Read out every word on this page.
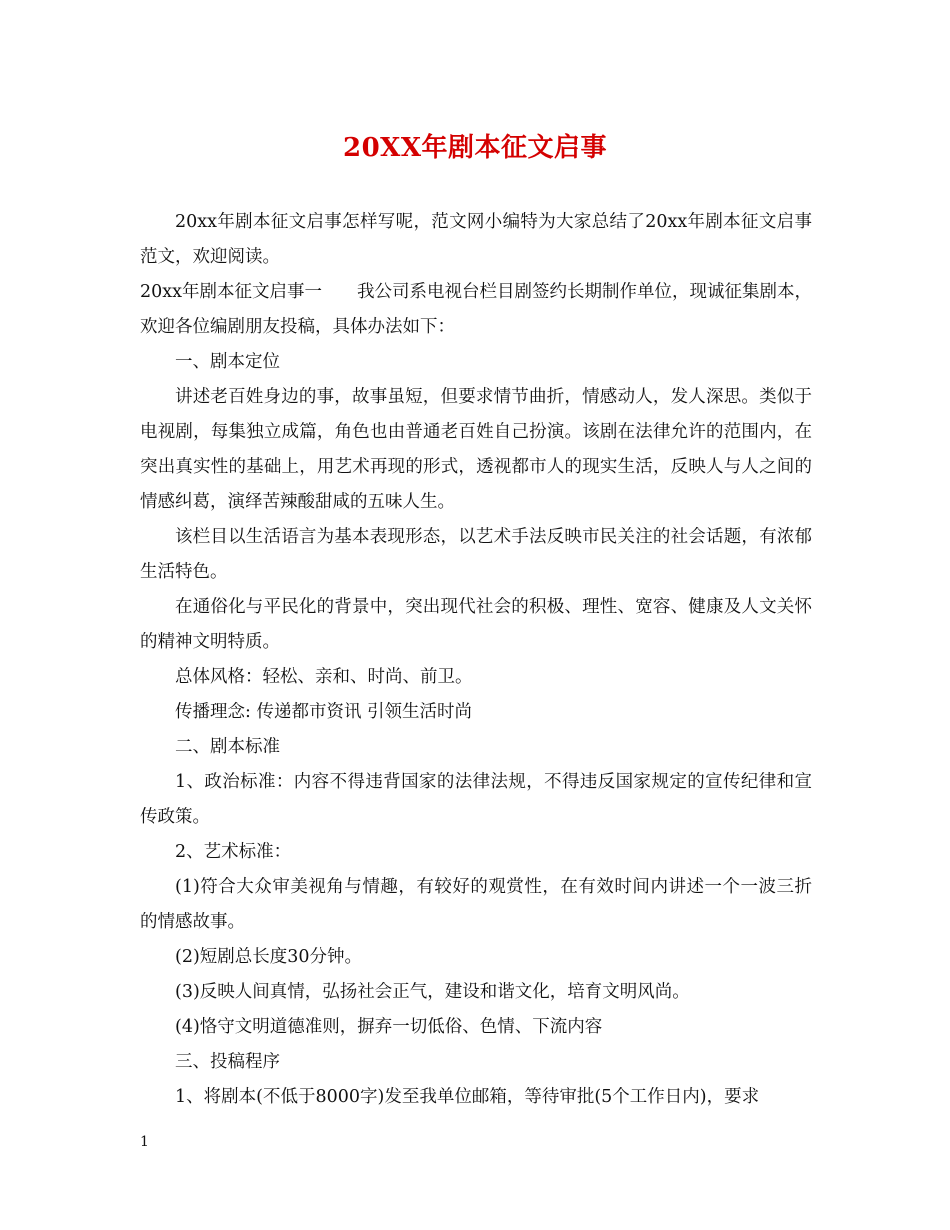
20XX年剧本征文启事

20xx年剧本征文启事怎样写呢，范文网小编特为大家总结了20xx年剧本征文启事范文，欢迎阅读。

20xx年剧本征文启事一　　我公司系电视台栏目剧签约长期制作单位，现诚征集剧本，欢迎各位编剧朋友投稿，具体办法如下：

一、剧本定位

讲述老百姓身边的事，故事虽短，但要求情节曲折，情感动人，发人深思。类似于电视剧，每集独立成篇，角色也由普通老百姓自己扮演。该剧在法律允许的范围内，在突出真实性的基础上，用艺术再现的形式，透视都市人的现实生活，反映人与人之间的情感纠葛，演绎苦辣酸甜咸的五味人生。

该栏目以生活语言为基本表现形态，以艺术手法反映市民关注的社会话题，有浓郁生活特色。

在通俗化与平民化的背景中，突出现代社会的积极、理性、宽容、健康及人文关怀的精神文明特质。

总体风格：轻松、亲和、时尚、前卫。

传播理念: 传递都市资讯 引领生活时尚

二、剧本标准

1、政治标准：内容不得违背国家的法律法规，不得违反国家规定的宣传纪律和宣传政策。

2、艺术标准：

(1)符合大众审美视角与情趣，有较好的观赏性，在有效时间内讲述一个一波三折的情感故事。

(2)短剧总长度30分钟。

(3)反映人间真情，弘扬社会正气，建设和谐文化，培育文明风尚。

(4)恪守文明道德准则，摒弃一切低俗、色情、下流内容

三、投稿程序

1、将剧本(不低于8000字)发至我单位邮箱，等待审批(5个工作日内)，要求

1
